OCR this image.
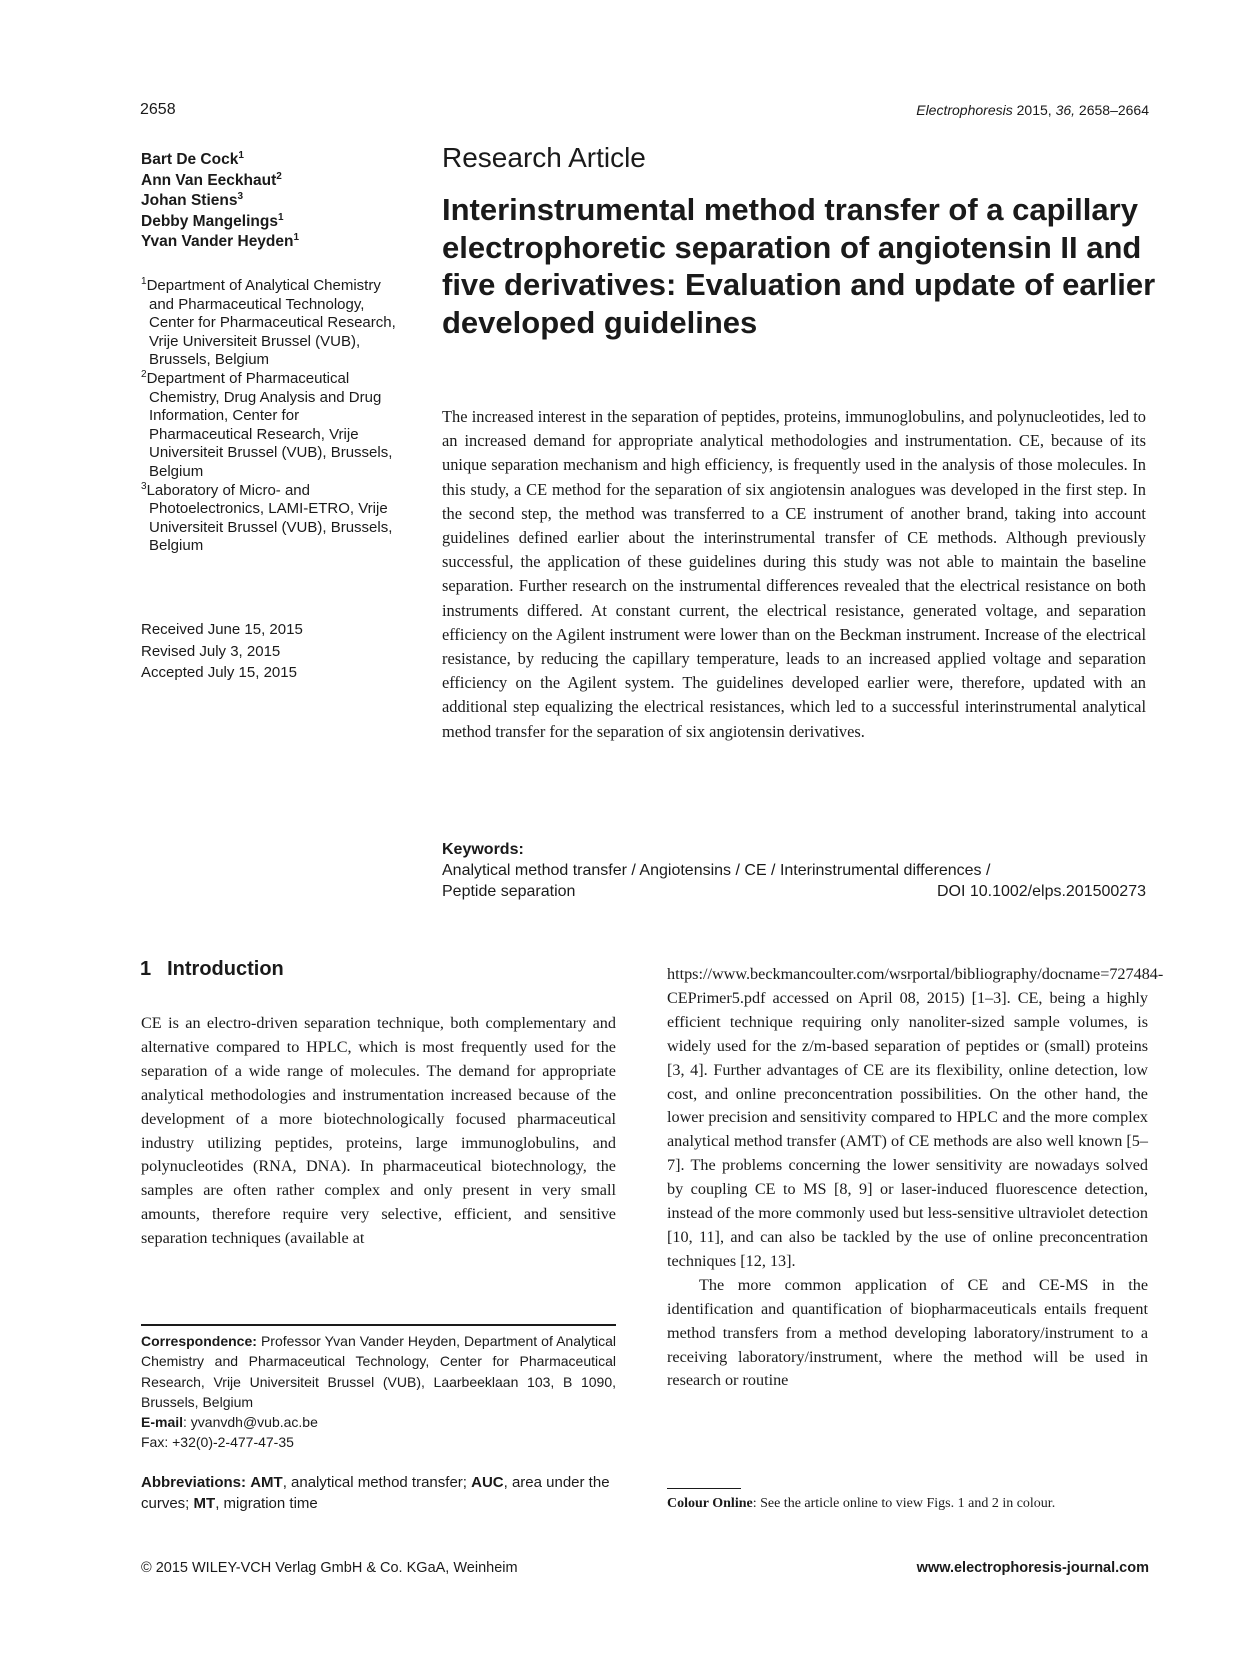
2658	Electrophoresis 2015, 36, 2658–2664
Bart De Cock$^1$
Ann Van Eeckhaut$^2$
Johan Stiens$^3$
Debby Mangelings$^1$
Yvan Vander Heyden$^1$

$^1$Department of Analytical Chemistry and Pharmaceutical Technology, Center for Pharmaceutical Research, Vrije Universiteit Brussel (VUB), Brussels, Belgium

$^2$Department of Pharmaceutical Chemistry, Drug Analysis and Drug Information, Center for Pharmaceutical Research, Vrije Universiteit Brussel (VUB), Brussels, Belgium

$^3$Laboratory of Micro- and Photoelectronics, LAMI-ETRO, Vrije Universiteit Brussel (VUB), Brussels, Belgium

Received June 15, 2015
Revised July 3, 2015
Accepted July 15, 2015
Research Article
Interinstrumental method transfer of a capillary electrophoretic separation of angiotensin II and five derivatives: Evaluation and update of earlier developed guidelines

The increased interest in the separation of peptides, proteins, immunoglobulins, and polynucleotides, led to an increased demand for appropriate analytical methodologies and instrumentation. CE, because of its unique separation mechanism and high efficiency, is frequently used in the analysis of those molecules. In this study, a CE method for the separation of six angiotensin analogues was developed in the first step. In the second step, the method was transferred to a CE instrument of another brand, taking into account guidelines defined earlier about the interinstrumental transfer of CE methods. Although previously successful, the application of these guidelines during this study was not able to maintain the baseline separation. Further research on the instrumental differences revealed that the electrical resistance on both instruments differed. At constant current, the electrical resistance, generated voltage, and separation efficiency on the Agilent instrument were lower than on the Beckman instrument. Increase of the electrical resistance, by reducing the capillary temperature, leads to an increased applied voltage and separation efficiency on the Agilent system. The guidelines developed earlier were, therefore, updated with an additional step equalizing the electrical resistances, which led to a successful interinstrumental analytical method transfer for the separation of six angiotensin derivatives.

Keywords:
Analytical method transfer / Angiotensins / CE / Interinstrumental differences /
Peptide separation	DOI 10.1002/elps.201500273
1 Introduction

CE is an electro-driven separation technique, both complementary and alternative compared to HPLC, which is most frequently used for the separation of a wide range of molecules. The demand for appropriate analytical methodologies and instrumentation increased because of the development of a more biotechnologically focused pharmaceutical industry utilizing peptides, proteins, large immunoglobulins, and polynucleotides (RNA, DNA). In pharmaceutical biotechnology, the samples are often rather complex and only present in very small amounts, therefore require very selective, efficient, and sensitive separation techniques (available at

https://www.beckmancoulter.com/wsrportal/bibliography/docname=727484-CEPrimer5.pdf accessed on April 08, 2015) [1–3]. CE, being a highly efficient technique requiring only nanoliter-sized sample volumes, is widely used for the z/m-based separation of peptides or (small) proteins [3, 4]. Further advantages of CE are its flexibility, online detection, low cost, and online preconcentration possibilities. On the other hand, the lower precision and sensitivity compared to HPLC and the more complex analytical method transfer (AMT) of CE methods are also well known [5–7]. The problems concerning the lower sensitivity are nowadays solved by coupling CE to MS [8, 9] or laser-induced fluorescence detection, instead of the more commonly used but less-sensitive ultraviolet detection [10, 11], and can also be tackled by the use of online preconcentration techniques [12, 13].

The more common application of CE and CE-MS in the identification and quantification of biopharmaceuticals entails frequent method transfers from a method developing laboratory/instrument to a receiving laboratory/instrument, where the method will be used in research or routine

Correspondence: Professor Yvan Vander Heyden, Department of Analytical Chemistry and Pharmaceutical Technology, Center for Pharmaceutical Research, Vrije Universiteit Brussel (VUB), Laarbeeklaan 103, B 1090, Brussels, Belgium
E-mail: yvanvdh@vub.ac.be
Fax: +32(0)-2-477-47-35
Abbreviations: AMT, analytical method transfer; AUC, area under the curves; MT, migration time	Colour Online: See the article online to view Figs. 1 and 2 in colour.
© 2015 WILEY-VCH Verlag GmbH & Co. KGaA, Weinheim	www.electrophoresis-journal.com
